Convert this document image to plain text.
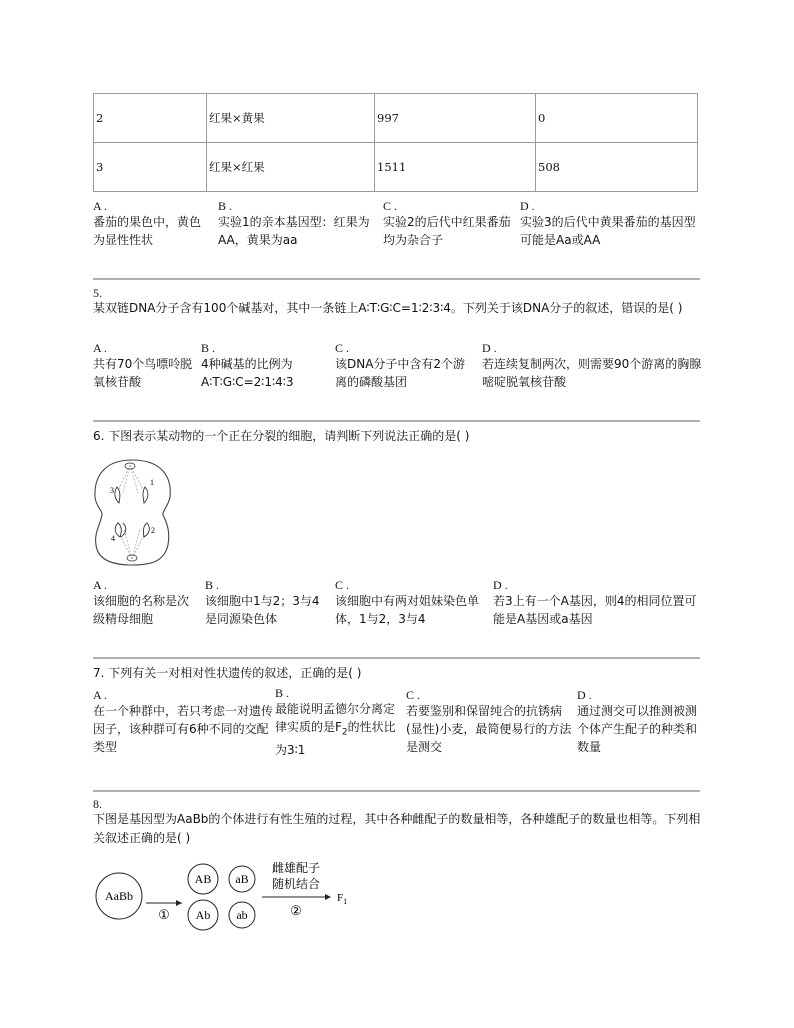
2	红果×黄果	997	0
3	红果×红果	1511	508
A .
番茄的果色中，黄色为显性性状
B .
实验1的亲本基因型：红果为AA，黄果为aa
C .
实验2的后代中红果番茄均为杂合子
D .
实验3的后代中黄果番茄的基因型可能是Aa或AA
5.
某双链DNA分子含有100个碱基对，其中一条链上A∶T∶G∶C=1∶2∶3∶4。下列关于该DNA分子的叙述，错误的是( )
A .
共有70个鸟嘌呤脱氧核苷酸
B .
4种碱基的比例为A∶T∶G∶C=2∶1∶4∶3
C .
该DNA分子中含有2个游离的磷酸基团
D .
若连续复制两次，则需要90个游离的胸腺嘧啶脱氧核苷酸
6. 下图表示某动物的一个正在分裂的细胞，请判断下列说法正确的是( )
3
1
4
2
A .
该细胞的名称是次级精母细胞
B .
该细胞中1与2；3与4是同源染色体
C .
该细胞中有两对姐妹染色单体，1与2，3与4
D .
若3上有一个A基因，则4的相同位置可能是A基因或a基因
7. 下列有关一对相对性状遗传的叙述，正确的是( )
A .
在一个种群中，若只考虑一对遗传因子，该种群可有6种不同的交配类型
B .
最能说明孟德尔分离定律实质的是$F_2$的性状比为3∶1
C .
若要鉴别和保留纯合的抗锈病(显性)小麦，最简便易行的方法是测交
D .
通过测交可以推测被测个体产生配子的种类和数量
8.
下图是基因型为AaBb的个体进行有性生殖的过程，其中各种雌配子的数量相等，各种雄配子的数量也相等。下列相关叙述正确的是( )
AaBb
①
AB aB
Ab ab
雌雄配子
随机结合
②
$F_1$
